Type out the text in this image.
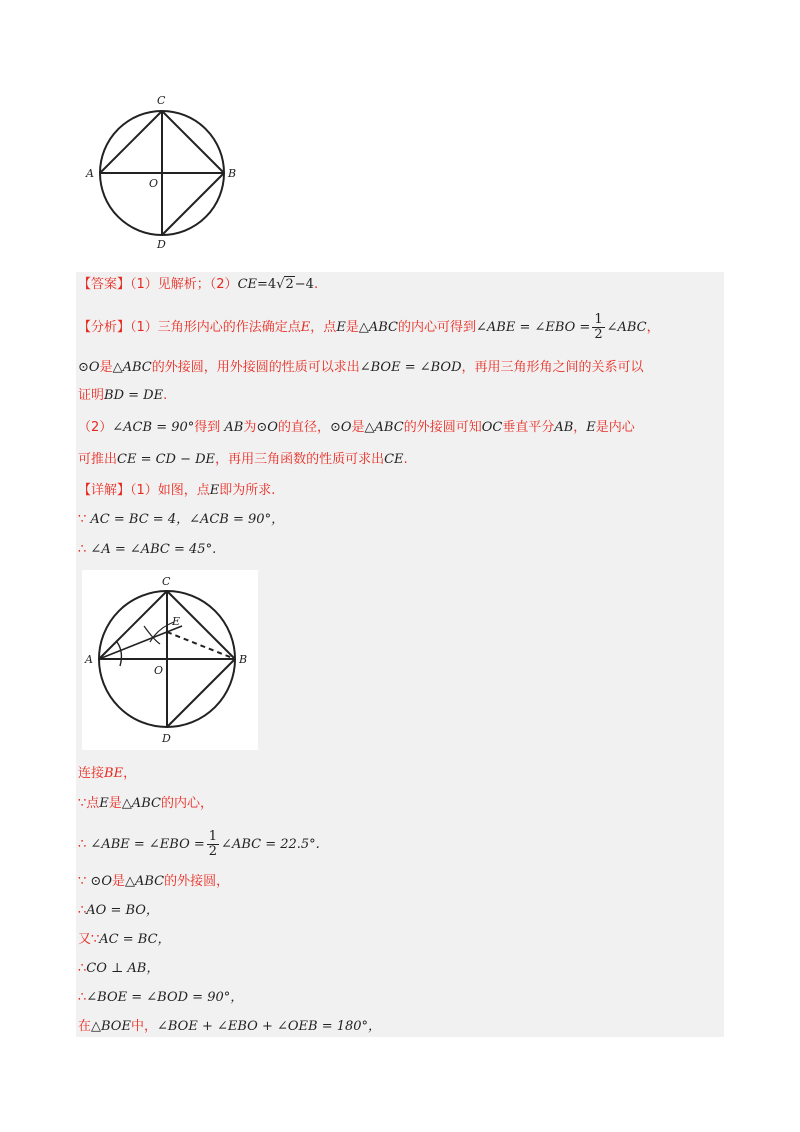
A	B
C
D
O
【答案】（1）见解析；（2）CE=4√2−4.
【分析】（1）三角形内心的作法确定点E，点E是△ABC的内心可得到∠ABE = ∠EBO = $\frac{1}{2}$ ∠ABC，
⊙O是△ABC的外接圆，用外接圆的性质可以求出∠BOE = ∠BOD，再用三角形角之间的关系可以
证明BD = DE.
（2）∠ACB = 90°得到 AB为⊙O的直径，⊙O是△ABC的外接圆可知OC垂直平分AB，E是内心
可推出CE = CD − DE，再用三角函数的性质可求出CE.
【详解】（1）如图，点E即为所求.
∵ AC = BC = 4，∠ACB = 90°，
∴ ∠A = ∠ABC = 45°.
A	B
C
D
O
E
连接BE，
∵点E是△ABC的内心，
∴ ∠ABE = ∠EBO = $\frac{1}{2}$ ∠ABC = 22.5°.
∵ ⊙O是△ABC的外接圆，
∴AO = BO，
又∵AC = BC，
∴CO ⊥ AB，
∴∠BOE = ∠BOD = 90°，
在△BOE中，∠BOE + ∠EBO + ∠OEB = 180°，
